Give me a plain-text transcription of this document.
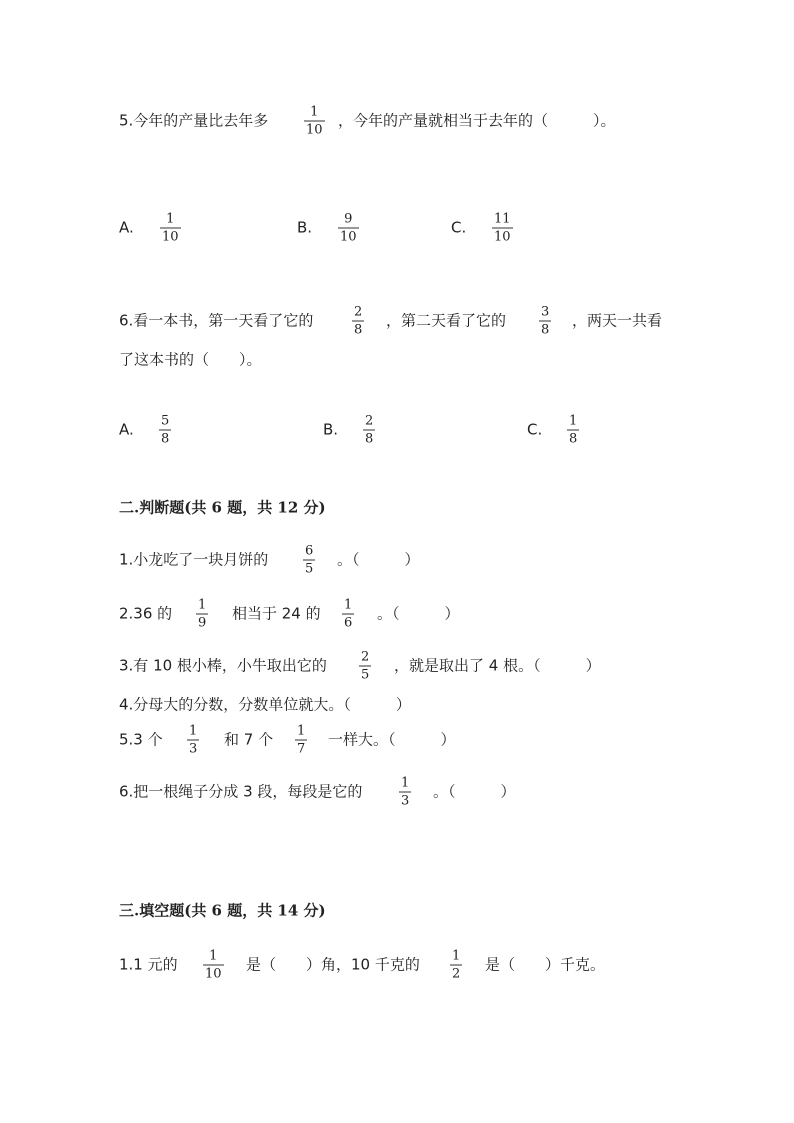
5.今年的产量比去年多	1
10
，今年的产量就相当于去年的（　　　）。
A. 1
10
B. 9
10
C. 11
10
6.看一本书，第一天看了它的	2
8
，第二天看了它的	3
8
，两天一共看
了这本书的（　　）。
A. 5
8
B. 2
8
C. 1
8
二.判断题(共 6 题，共 12 分)
1.小龙吃了一块月饼的	6
5
。（　　　）
2.36 的 1
9
相当于 24 的 1
6
。（　　　）
3.有 10 根小棒，小牛取出它的	2
5
，就是取出了 4 根。（　　　）
4.分母大的分数，分数单位就大。（　　　）
5.3 个 1
3
和 7 个 1
7
一样大。（　　　）
6.把一根绳子分成 3 段，每段是它的	1
3
。（　　　）
三.填空题(共 6 题，共 14 分)
1.1 元的 1
10
是（　　）角，10 千克的 1
2
是（　　）千克。
